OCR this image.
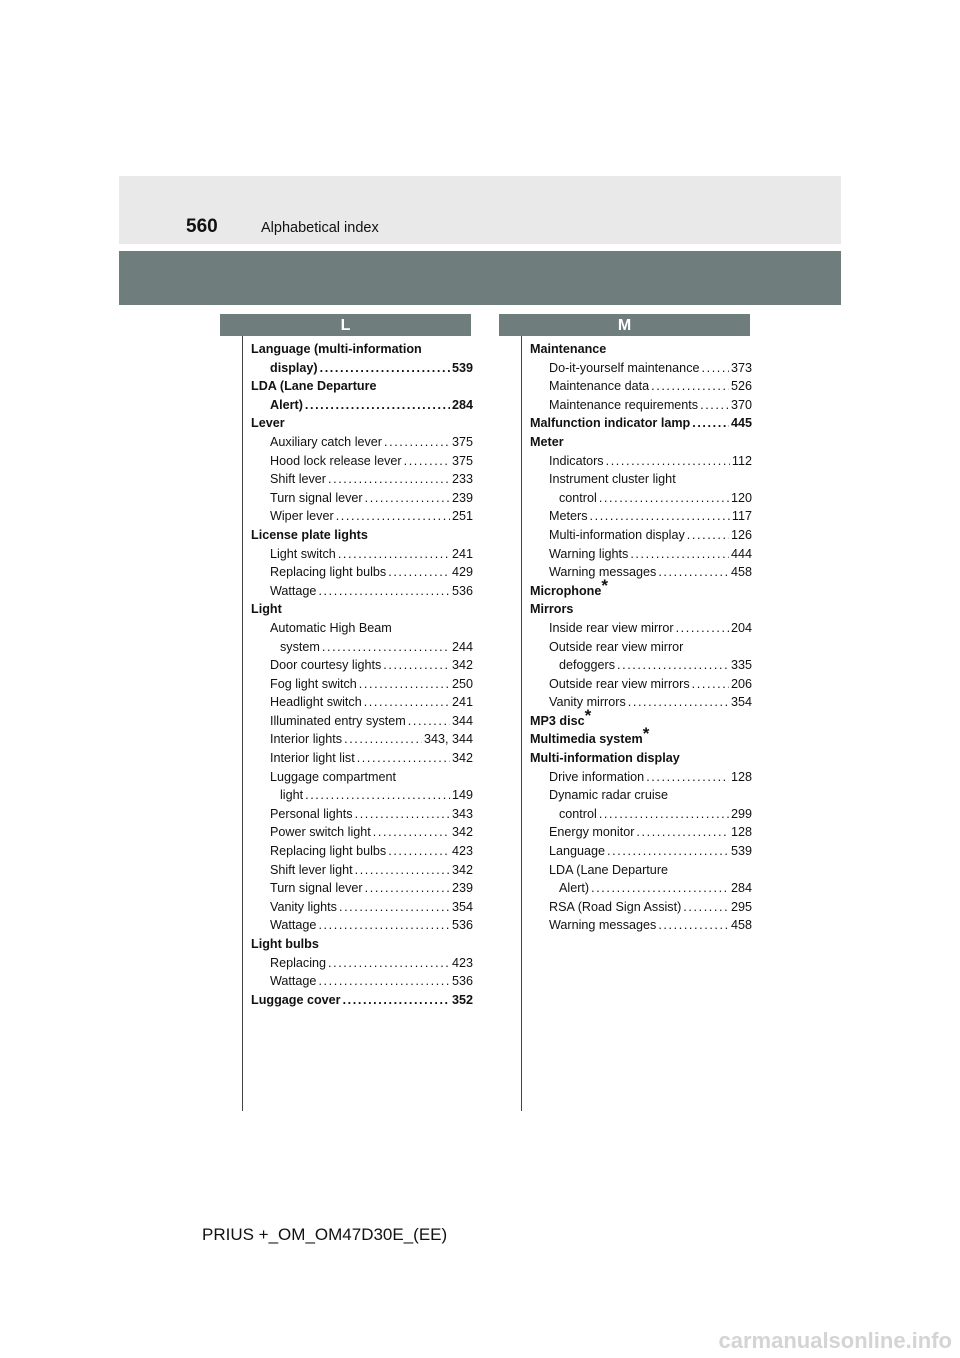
560	Alphabetical index
L	M
Language (multi-information
display) .....	539
LDA (Lane Departure
Alert) .....	284
Lever
Auxiliary catch lever .....	375
Hood lock release lever .....	375
Shift lever .....	233
Turn signal lever .....	239
Wiper lever .....	251
License plate lights
Light switch .....	241
Replacing light bulbs .....	429
Wattage .....	536
Light
Automatic High Beam
system .....	244
Door courtesy lights .....	342
Fog light switch .....	250
Headlight switch .....	241
Illuminated entry system .....	344
Interior lights .....	343, 344
Interior light list .....	342
Luggage compartment
light .....	149
Personal lights .....	343
Power switch light .....	342
Replacing light bulbs .....	423
Shift lever light .....	342
Turn signal lever .....	239
Vanity lights .....	354
Wattage .....	536
Light bulbs
Replacing .....	423
Wattage .....	536
Luggage cover .....	352
Maintenance
Do-it-yourself maintenance ..... 373
Maintenance data .....	526
Maintenance requirements .....	370
Malfunction indicator lamp .....	445
Meter
Indicators .....	112
Instrument cluster light
control .....	120
Meters .....	117
Multi-information display .....	126
Warning lights .....	444
Warning messages .....	458
Microphone*
Mirrors
Inside rear view mirror .....	204
Outside rear view mirror
defoggers .....	335
Outside rear view mirrors .....	206
Vanity mirrors .....	354
MP3 disc*
Multimedia system*
Multi-information display
Drive information .....	128
Dynamic radar cruise
control .....	299
Energy monitor .....	128
Language .....	539
LDA (Lane Departure
Alert) .....	284
RSA (Road Sign Assist) .....	295
Warning messages .....	458
PRIUS +_OM_OM47D30E_(EE)
carmanualsonline.info
